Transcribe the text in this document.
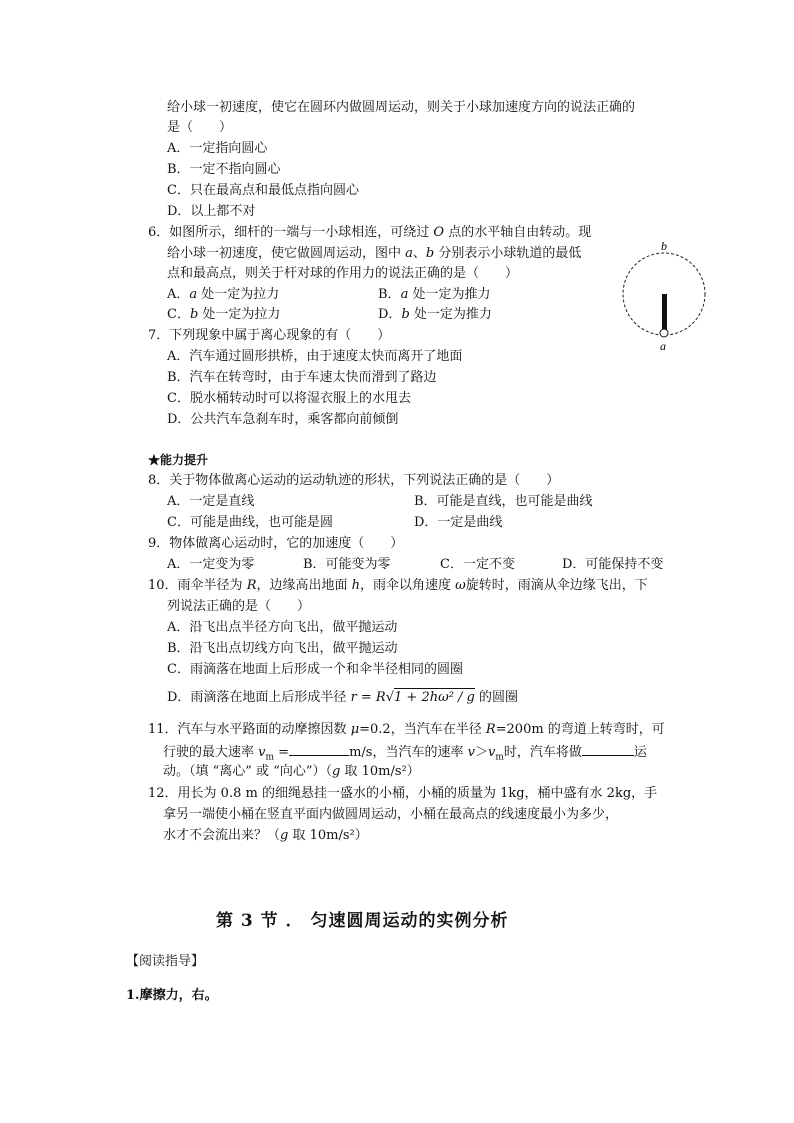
给小球一初速度，使它在圆环内做圆周运动，则关于小球加速度方向的说法正确的
是（　　）
A．一定指向圆心
B．一定不指向圆心
C．只在最高点和最低点指向圆心
D．以上都不对
6．如图所示，细杆的一端与一小球相连，可绕过 O 点的水平轴自由转动。现
给小球一初速度，使它做圆周运动，图中 a、b 分别表示小球轨道的最低
点和最高点，则关于杆对球的作用力的说法正确的是（　　）
A．a 处一定为拉力	B．a 处一定为推力
C．b 处一定为拉力	D．b 处一定为推力
b
a
7．下列现象中属于离心现象的有（　　）
A．汽车通过圆形拱桥，由于速度太快而离开了地面
B．汽车在转弯时，由于车速太快而滑到了路边
C．脱水桶转动时可以将湿衣服上的水甩去
D．公共汽车急刹车时，乘客都向前倾倒
★能力提升
8．关于物体做离心运动的运动轨迹的形状，下列说法正确的是（　　）
A．一定是直线	B．可能是直线，也可能是曲线
C．可能是曲线，也可能是圆	D．一定是曲线
9．物体做离心运动时，它的加速度（　　）
A．一定变为零	B．可能变为零	C．一定不变	D．可能保持不变
10．雨伞半径为 R，边缘高出地面 h，雨伞以角速度 ω旋转时，雨滴从伞边缘飞出，下
列说法正确的是（　　）
A．沿飞出点半径方向飞出，做平抛运动
B．沿飞出点切线方向飞出，做平抛运动
C．雨滴落在地面上后形成一个和伞半径相同的圆圈
D．雨滴落在地面上后形成半径 r = R√1 + 2hω² / g 的圆圈
11．汽车与水平路面的动摩擦因数 μ=0.2，当汽车在半径 R=200m 的弯道上转弯时，可
行驶的最大速率 $v_m$ =	m/s，当汽车的速率 $v>v_m$时，汽车将做	运
动。（填 “离心” 或 “向心”）（g 取 10m/s²）
12．用长为 0.8 m 的细绳悬挂一盛水的小桶，小桶的质量为 1kg，桶中盛有水 2kg，手
拿另一端使小桶在竖直平面内做圆周运动，小桶在最高点的线速度最小为多少，
水才不会流出来？（g 取 10m/s²）
第 3 节 ． 匀速圆周运动的实例分析
【阅读指导】
1.摩擦力，右。
